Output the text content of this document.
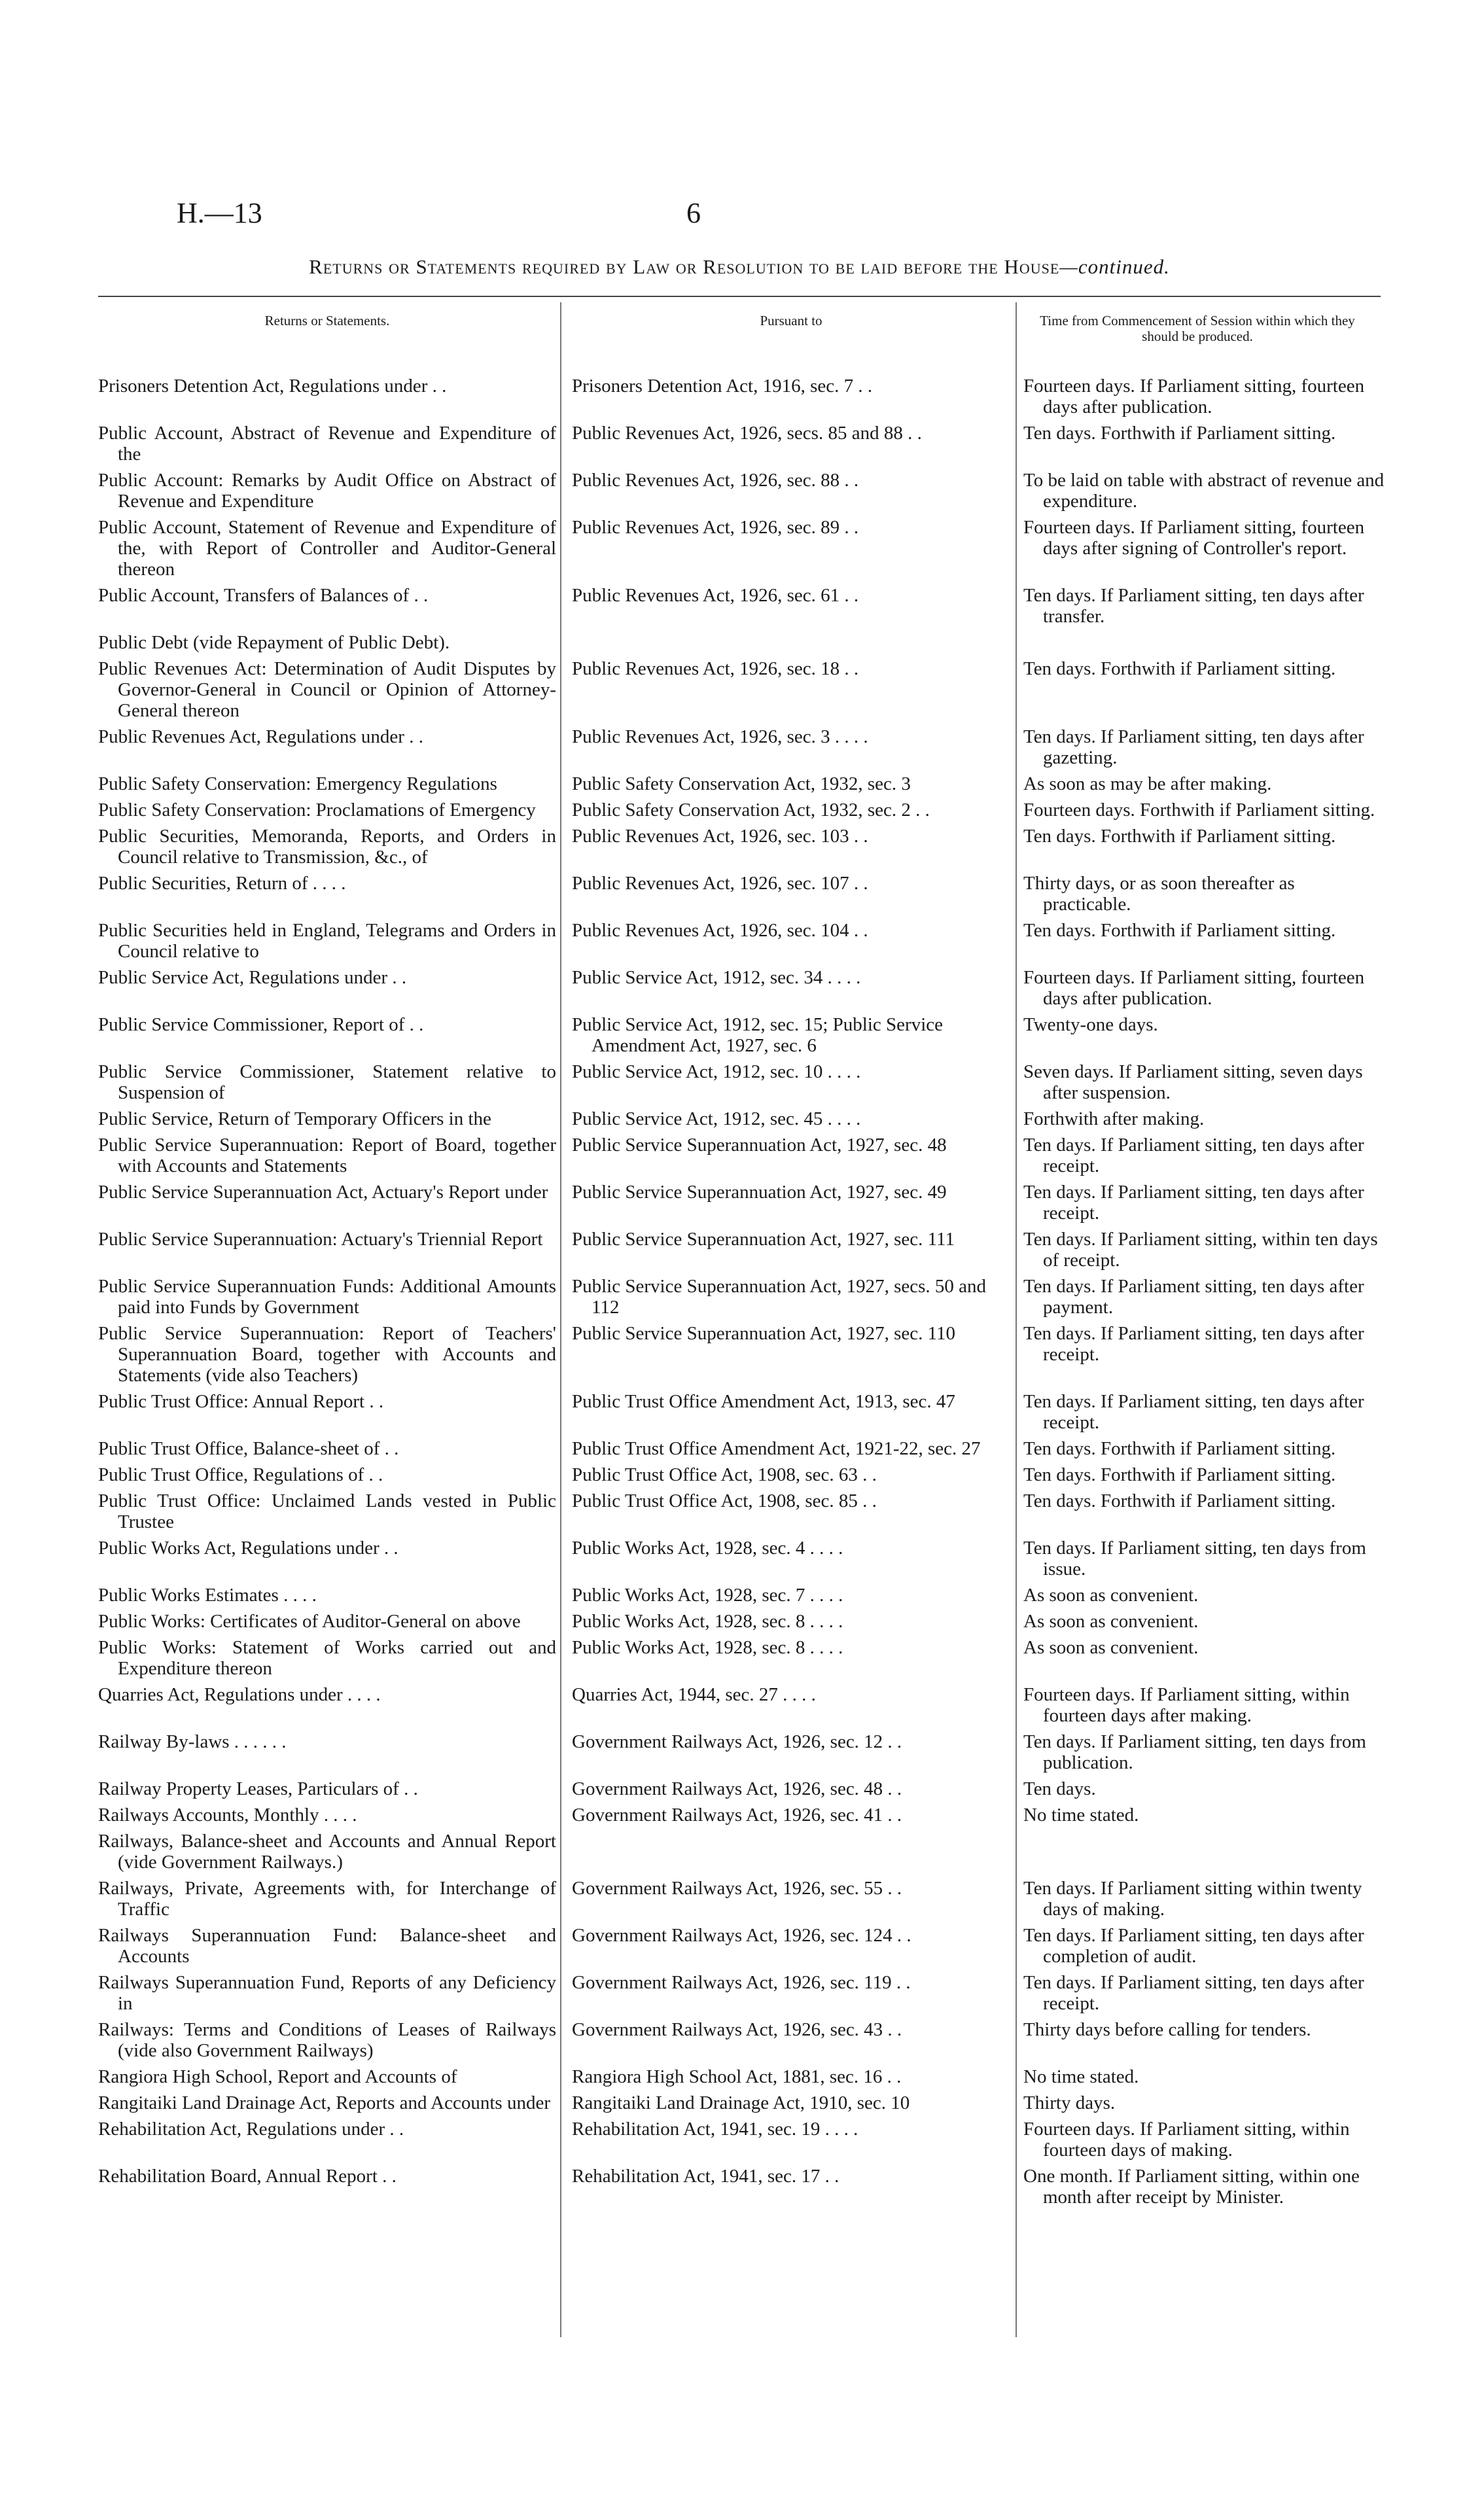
H.—13	6
Returns or Statements required by Law or Resolution to be laid before the House—continued.
Returns or Statements.	Pursuant to	Time from Commencement of Session within which they should be produced.
Prisoners Detention Act, Regulations under . .	Prisoners Detention Act, 1916, sec. 7 . .	Fourteen days. If Parliament sitting, fourteen days after publication.

Public Account, Abstract of Revenue and Expenditure of the	Public Revenues Act, 1926, secs. 85 and 88 . .	Ten days. Forthwith if Parliament sitting.

Public Account: Remarks by Audit Office on Abstract of Revenue and Expenditure	Public Revenues Act, 1926, sec. 88 . .	To be laid on table with abstract of revenue and expenditure.

Public Account, Statement of Revenue and Expenditure of the, with Report of Controller and Auditor-General thereon	Public Revenues Act, 1926, sec. 89 . .	Fourteen days. If Parliament sitting, fourteen days after signing of Controller's report.

Public Account, Transfers of Balances of . .	Public Revenues Act, 1926, sec. 61 . .	Ten days. If Parliament sitting, ten days after transfer.

Public Debt (vide Repayment of Public Debt).		

Public Revenues Act: Determination of Audit Disputes by Governor-General in Council or Opinion of Attorney-General thereon	Public Revenues Act, 1926, sec. 18 . .	Ten days. Forthwith if Parliament sitting.

Public Revenues Act, Regulations under . .	Public Revenues Act, 1926, sec. 3 . . . .	Ten days. If Parliament sitting, ten days after gazetting.

Public Safety Conservation: Emergency Regulations	Public Safety Conservation Act, 1932, sec. 3	As soon as may be after making.

Public Safety Conservation: Proclamations of Emergency	Public Safety Conservation Act, 1932, sec. 2 . .	Fourteen days. Forthwith if Parliament sitting.

Public Securities, Memoranda, Reports, and Orders in Council relative to Transmission, &c., of	Public Revenues Act, 1926, sec. 103 . .	Ten days. Forthwith if Parliament sitting.

Public Securities, Return of . . . .	Public Revenues Act, 1926, sec. 107 . .	Thirty days, or as soon thereafter as practicable.

Public Securities held in England, Telegrams and Orders in Council relative to	Public Revenues Act, 1926, sec. 104 . .	Ten days. Forthwith if Parliament sitting.

Public Service Act, Regulations under . .	Public Service Act, 1912, sec. 34 . . . .	Fourteen days. If Parliament sitting, fourteen days after publication.

Public Service Commissioner, Report of . .	Public Service Act, 1912, sec. 15; Public Service Amendment Act, 1927, sec. 6	Twenty-one days.

Public Service Commissioner, Statement relative to Suspension of	Public Service Act, 1912, sec. 10 . . . .	Seven days. If Parliament sitting, seven days after suspension.

Public Service, Return of Temporary Officers in the	Public Service Act, 1912, sec. 45 . . . .	Forthwith after making.

Public Service Superannuation: Report of Board, together with Accounts and Statements	Public Service Superannuation Act, 1927, sec. 48	Ten days. If Parliament sitting, ten days after receipt.

Public Service Superannuation Act, Actuary's Report under	Public Service Superannuation Act, 1927, sec. 49	Ten days. If Parliament sitting, ten days after receipt.

Public Service Superannuation: Actuary's Triennial Report	Public Service Superannuation Act, 1927, sec. 111	Ten days. If Parliament sitting, within ten days of receipt.

Public Service Superannuation Funds: Additional Amounts paid into Funds by Government	Public Service Superannuation Act, 1927, secs. 50 and 112	Ten days. If Parliament sitting, ten days after payment.

Public Service Superannuation: Report of Teachers' Superannuation Board, together with Accounts and Statements (vide also Teachers)	Public Service Superannuation Act, 1927, sec. 110	Ten days. If Parliament sitting, ten days after receipt.

Public Trust Office: Annual Report . .	Public Trust Office Amendment Act, 1913, sec. 47	Ten days. If Parliament sitting, ten days after receipt.

Public Trust Office, Balance-sheet of . .	Public Trust Office Amendment Act, 1921-22, sec. 27	Ten days. Forthwith if Parliament sitting.

Public Trust Office, Regulations of . .	Public Trust Office Act, 1908, sec. 63 . .	Ten days. Forthwith if Parliament sitting.

Public Trust Office: Unclaimed Lands vested in Public Trustee	Public Trust Office Act, 1908, sec. 85 . .	Ten days. Forthwith if Parliament sitting.

Public Works Act, Regulations under . .	Public Works Act, 1928, sec. 4 . . . .	Ten days. If Parliament sitting, ten days from issue.

Public Works Estimates . . . .	Public Works Act, 1928, sec. 7 . . . .	As soon as convenient.

Public Works: Certificates of Auditor-General on above	Public Works Act, 1928, sec. 8 . . . .	As soon as convenient.

Public Works: Statement of Works carried out and Expenditure thereon	Public Works Act, 1928, sec. 8 . . . .	As soon as convenient.

Quarries Act, Regulations under . . . .	Quarries Act, 1944, sec. 27 . . . .	Fourteen days. If Parliament sitting, within fourteen days after making.

Railway By-laws . . . . . .	Government Railways Act, 1926, sec. 12 . .	Ten days. If Parliament sitting, ten days from publication.

Railway Property Leases, Particulars of . .	Government Railways Act, 1926, sec. 48 . .	Ten days.

Railways Accounts, Monthly . . . .	Government Railways Act, 1926, sec. 41 . .	No time stated.

Railways, Balance-sheet and Accounts and Annual Report (vide Government Railways.)		

Railways, Private, Agreements with, for Interchange of Traffic	Government Railways Act, 1926, sec. 55 . .	Ten days. If Parliament sitting within twenty days of making.

Railways Superannuation Fund: Balance-sheet and Accounts	Government Railways Act, 1926, sec. 124 . .	Ten days. If Parliament sitting, ten days after completion of audit.

Railways Superannuation Fund, Reports of any Deficiency in	Government Railways Act, 1926, sec. 119 . .	Ten days. If Parliament sitting, ten days after receipt.

Railways: Terms and Conditions of Leases of Railways (vide also Government Railways)	Government Railways Act, 1926, sec. 43 . .	Thirty days before calling for tenders.

Rangiora High School, Report and Accounts of	Rangiora High School Act, 1881, sec. 16 . .	No time stated.

Rangitaiki Land Drainage Act, Reports and Accounts under	Rangitaiki Land Drainage Act, 1910, sec. 10	Thirty days.

Rehabilitation Act, Regulations under . .	Rehabilitation Act, 1941, sec. 19 . . . .	Fourteen days. If Parliament sitting, within fourteen days of making.

Rehabilitation Board, Annual Report . .	Rehabilitation Act, 1941, sec. 17 . .	One month. If Parliament sitting, within one month after receipt by Minister.
